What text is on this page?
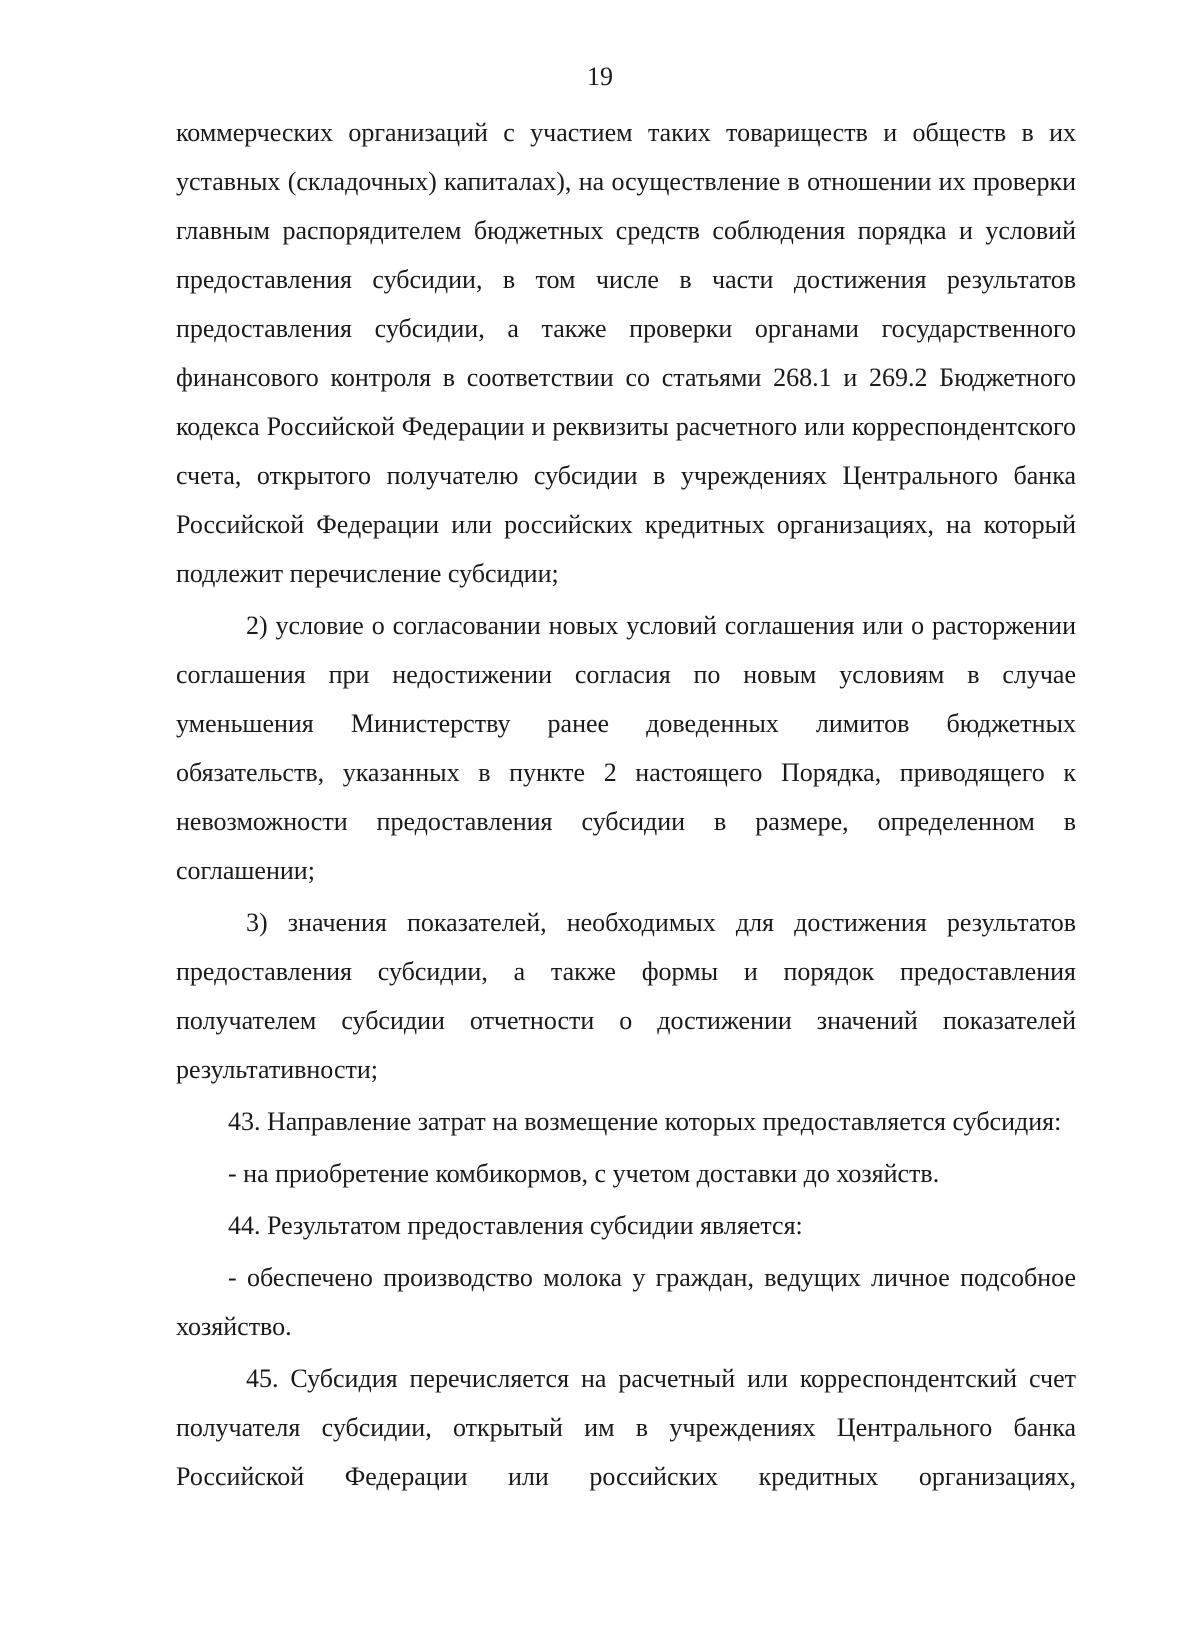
19

коммерческих организаций с участием таких товариществ и обществ в их уставных (складочных) капиталах), на осуществление в отношении их проверки главным распорядителем бюджетных средств соблюдения порядка и условий предоставления субсидии, в том числе в части достижения результатов предоставления субсидии, а также проверки органами государственного финансового контроля в соответствии со статьями 268.1 и 269.2 Бюджетного кодекса Российской Федерации и реквизиты расчетного или корреспондентского счета, открытого получателю субсидии в учреждениях Центрального банка Российской Федерации или российских кредитных организациях, на который подлежит перечисление субсидии;

2) условие о согласовании новых условий соглашения или о расторжении соглашения при недостижении согласия по новым условиям в случае уменьшения Министерству ранее доведенных лимитов бюджетных обязательств, указанных в пункте 2 настоящего Порядка, приводящего к невозможности предоставления субсидии в размере, определенном в соглашении;

3) значения показателей, необходимых для достижения результатов предоставления субсидии, а также формы и порядок предоставления получателем субсидии отчетности о достижении значений показателей результативности;

43. Направление затрат на возмещение которых предоставляется субсидия:

- на приобретение комбикормов, с учетом доставки до хозяйств.

44. Результатом предоставления субсидии является:

- обеспечено производство молока у граждан, ведущих личное подсобное хозяйство.

45. Субсидия перечисляется на расчетный или корреспондентский счет получателя субсидии, открытый им в учреждениях Центрального банка Российской Федерации или российских кредитных организациях,
